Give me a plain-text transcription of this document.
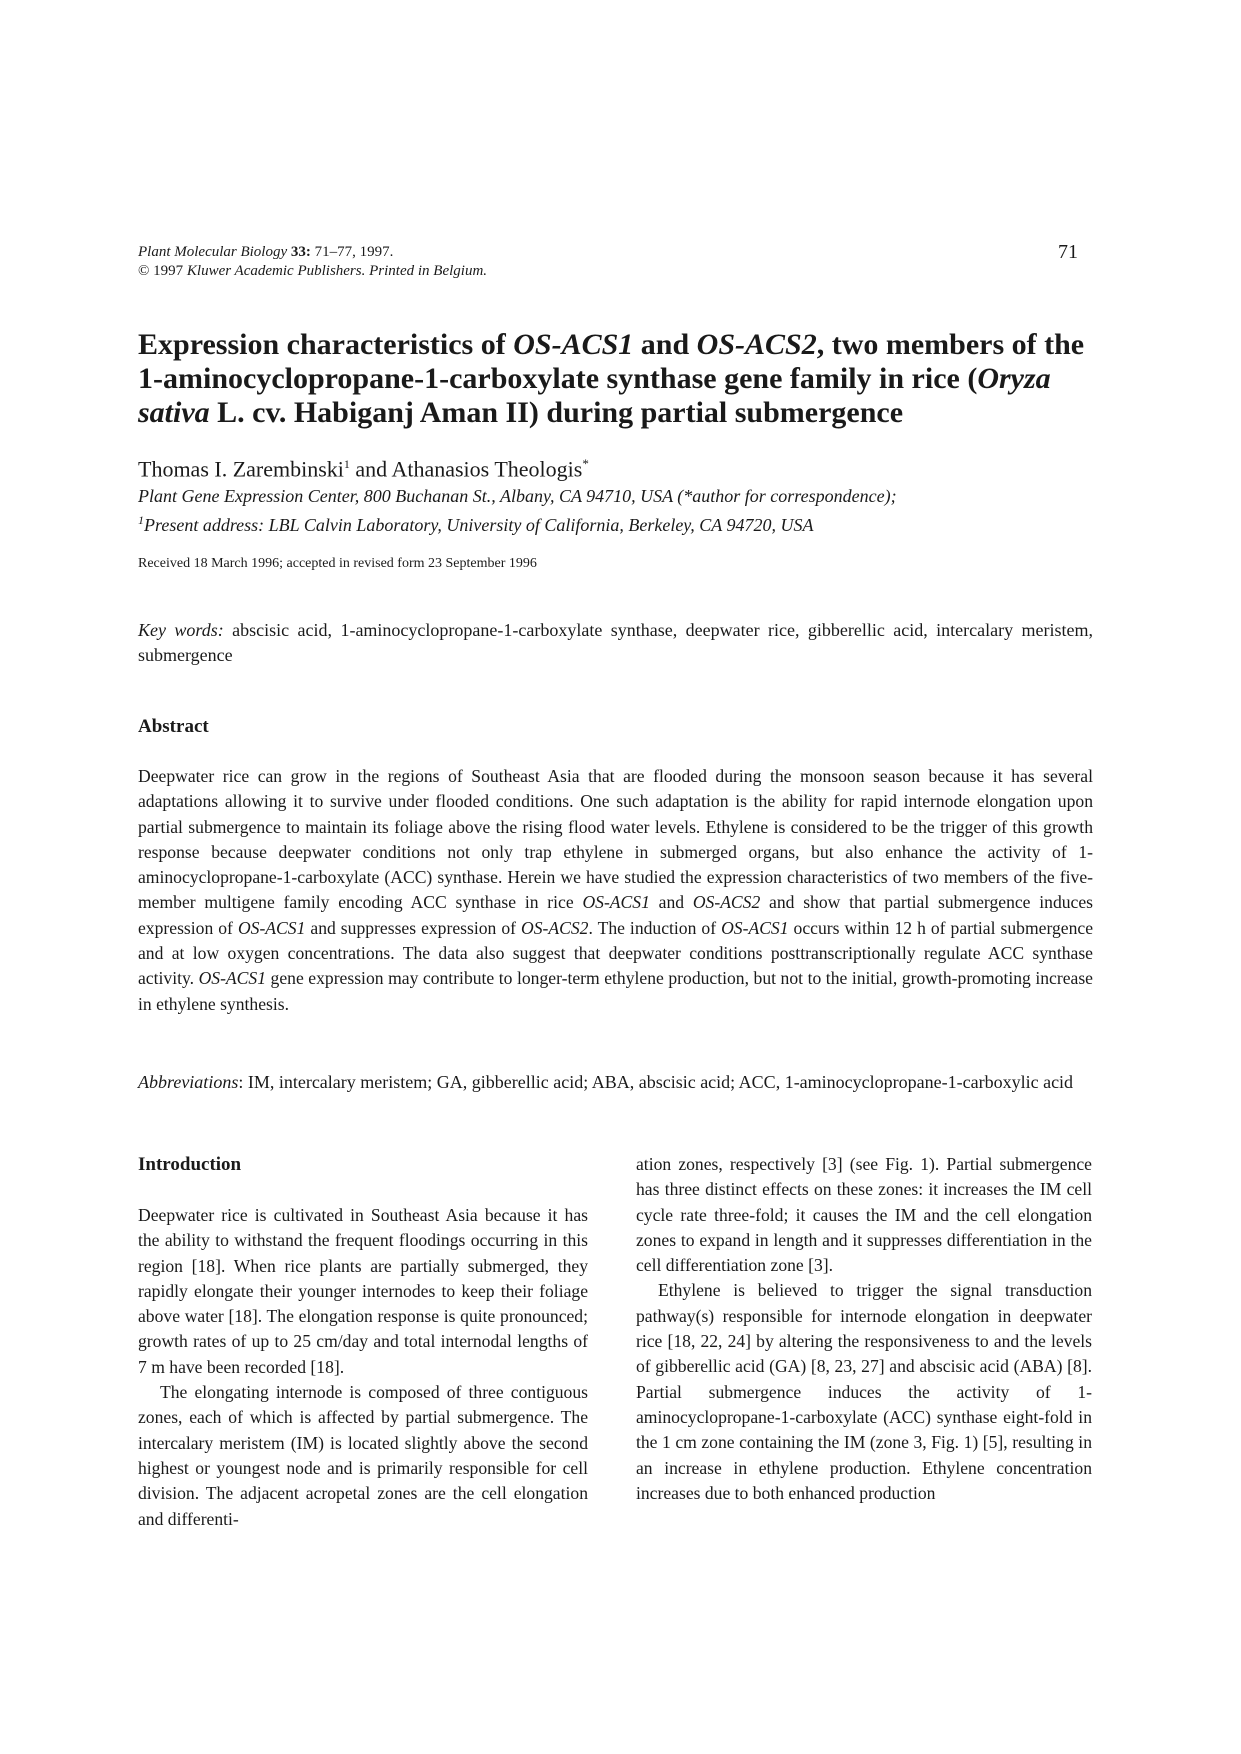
Plant Molecular Biology 33: 71–77, 1997.
© 1997 Kluwer Academic Publishers. Printed in Belgium.
71
Expression characteristics of OS-ACS1 and OS-ACS2, two members of the 1-aminocyclopropane-1-carboxylate synthase gene family in rice (Oryza sativa L. cv. Habiganj Aman II) during partial submergence
Thomas I. Zarembinski$^1$ and Athanasios Theologis*
Plant Gene Expression Center, 800 Buchanan St., Albany, CA 94710, USA (*author for correspondence);
$^1$Present address: LBL Calvin Laboratory, University of California, Berkeley, CA 94720, USA
Received 18 March 1996; accepted in revised form 23 September 1996
Key words: abscisic acid, 1-aminocyclopropane-1-carboxylate synthase, deepwater rice, gibberellic acid, intercalary meristem, submergence
Abstract
Deepwater rice can grow in the regions of Southeast Asia that are flooded during the monsoon season because it has several adaptations allowing it to survive under flooded conditions. One such adaptation is the ability for rapid internode elongation upon partial submergence to maintain its foliage above the rising flood water levels. Ethylene is considered to be the trigger of this growth response because deepwater conditions not only trap ethylene in submerged organs, but also enhance the activity of 1-aminocyclopropane-1-carboxylate (ACC) synthase. Herein we have studied the expression characteristics of two members of the five-member multigene family encoding ACC synthase in rice OS-ACS1 and OS-ACS2 and show that partial submergence induces expression of OS-ACS1 and suppresses expression of OS-ACS2. The induction of OS-ACS1 occurs within 12 h of partial submergence and at low oxygen concentrations. The data also suggest that deepwater conditions posttranscriptionally regulate ACC synthase activity. OS-ACS1 gene expression may contribute to longer-term ethylene production, but not to the initial, growth-promoting increase in ethylene synthesis.
Abbreviations: IM, intercalary meristem; GA, gibberellic acid; ABA, abscisic acid; ACC, 1-aminocyclopropane-1-carboxylic acid
Introduction

Deepwater rice is cultivated in Southeast Asia because it has the ability to withstand the frequent floodings occurring in this region [18]. When rice plants are partially submerged, they rapidly elongate their younger internodes to keep their foliage above water [18]. The elongation response is quite pronounced; growth rates of up to 25 cm/day and total internodal lengths of 7 m have been recorded [18].

The elongating internode is composed of three contiguous zones, each of which is affected by partial submergence. The intercalary meristem (IM) is located slightly above the second highest or youngest node and is primarily responsible for cell division. The adjacent acropetal zones are the cell elongation and differenti-

ation zones, respectively [3] (see Fig. 1). Partial submergence has three distinct effects on these zones: it increases the IM cell cycle rate three-fold; it causes the IM and the cell elongation zones to expand in length and it suppresses differentiation in the cell differentiation zone [3].

Ethylene is believed to trigger the signal transduction pathway(s) responsible for internode elongation in deepwater rice [18, 22, 24] by altering the responsiveness to and the levels of gibberellic acid (GA) [8, 23, 27] and abscisic acid (ABA) [8]. Partial submergence induces the activity of 1-aminocyclopropane-1-carboxylate (ACC) synthase eight-fold in the 1 cm zone containing the IM (zone 3, Fig. 1) [5], resulting in an increase in ethylene production. Ethylene concentration increases due to both enhanced production
